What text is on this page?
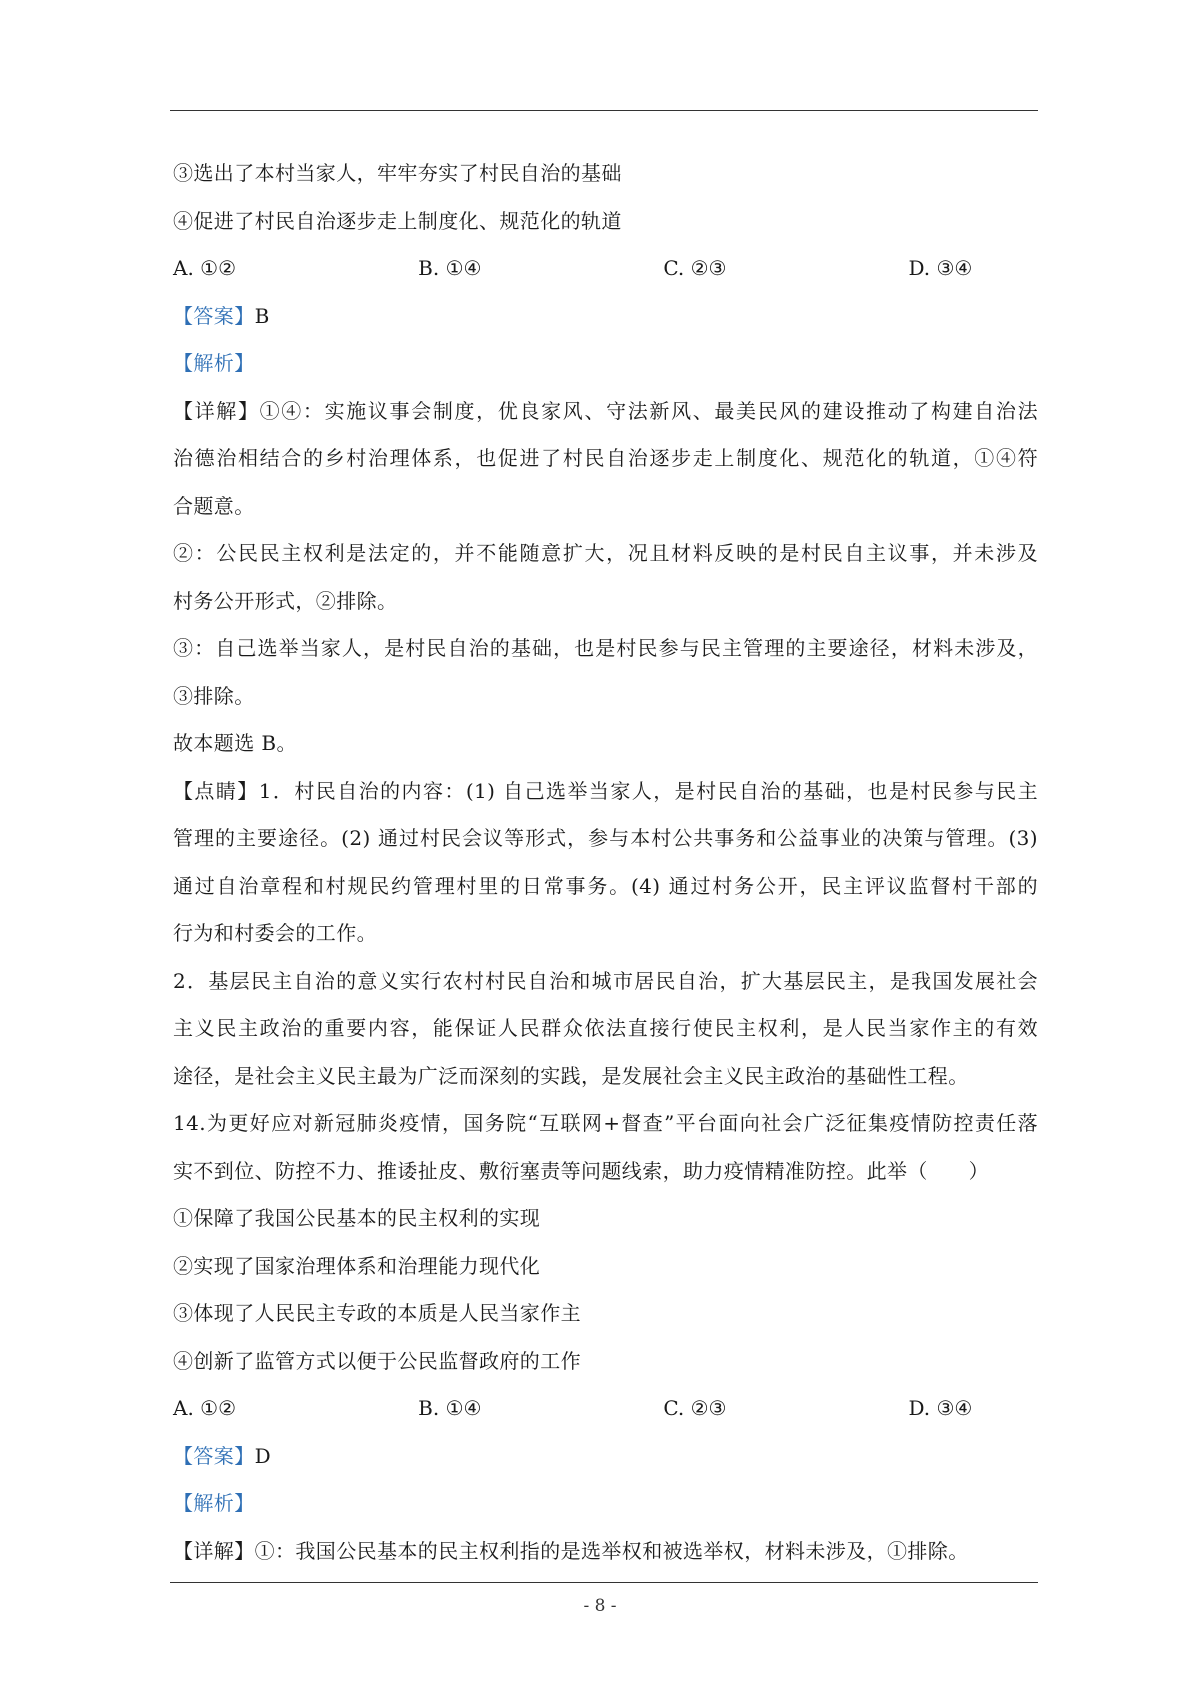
③选出了本村当家人，牢牢夯实了村民自治的基础
④促进了村民自治逐步走上制度化、规范化的轨道
A. ①②	B. ①④	C. ②③	D. ③④
【答案】B
【解析】
【详解】①④：实施议事会制度，优良家风、守法新风、最美民风的建设推动了构建自治法
治德治相结合的乡村治理体系，也促进了村民自治逐步走上制度化、规范化的轨道，①④符
合题意。
②：公民民主权利是法定的，并不能随意扩大，况且材料反映的是村民自主议事，并未涉及
村务公开形式，②排除。
③：自己选举当家人，是村民自治的基础，也是村民参与民主管理的主要途径，材料未涉及，
③排除。
故本题选 B。
【点睛】1．村民自治的内容：(1) 自己选举当家人，是村民自治的基础，也是村民参与民主
管理的主要途径。(2) 通过村民会议等形式，参与本村公共事务和公益事业的决策与管理。(3)
通过自治章程和村规民约管理村里的日常事务。(4) 通过村务公开，民主评议监督村干部的
行为和村委会的工作。
2．基层民主自治的意义实行农村村民自治和城市居民自治，扩大基层民主，是我国发展社会
主义民主政治的重要内容，能保证人民群众依法直接行使民主权利，是人民当家作主的有效
途径，是社会主义民主最为广泛而深刻的实践，是发展社会主义民主政治的基础性工程。
14.为更好应对新冠肺炎疫情，国务院“互联网+督查”平台面向社会广泛征集疫情防控责任落
实不到位、防控不力、推诿扯皮、敷衍塞责等问题线索，助力疫情精准防控。此举（　　）
①保障了我国公民基本的民主权利的实现
②实现了国家治理体系和治理能力现代化
③体现了人民民主专政的本质是人民当家作主
④创新了监管方式以便于公民监督政府的工作
A. ①②	B. ①④	C. ②③	D. ③④
【答案】D
【解析】
【详解】①：我国公民基本的民主权利指的是选举权和被选举权，材料未涉及，①排除。
- 8 -
